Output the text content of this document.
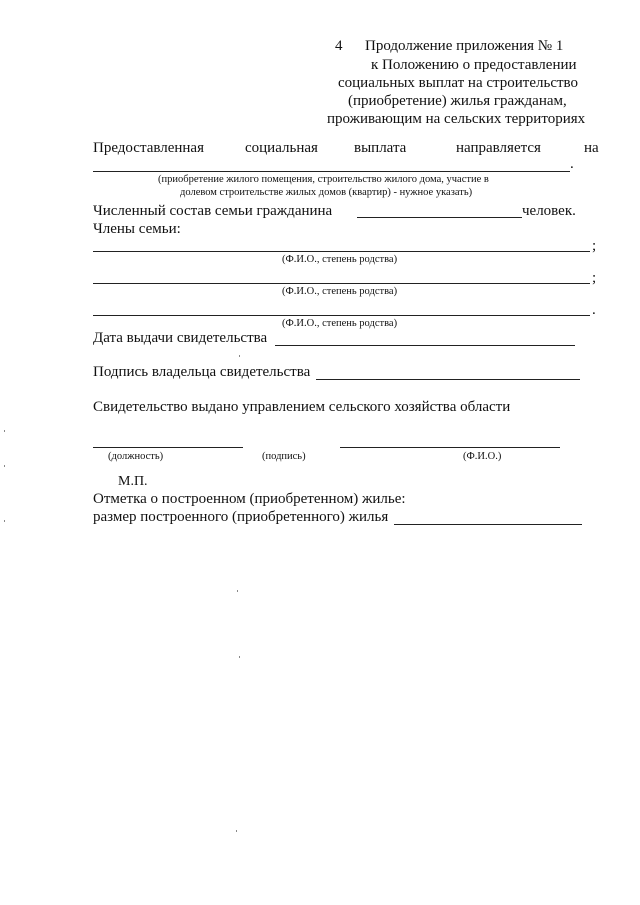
4 Продолжение приложения № 1
к Положению о предоставлении
социальных выплат на строительство
(приобретение) жилья гражданам,
проживающим на сельских территориях
Предоставленная	социальная выплата	направляется	на
.
(приобретение жилого помещения, строительство жилого дома, участие в
долевом строительстве жилых домов (квартир) - нужное указать)
Численный состав семьи гражданина	человек.
Члены семьи:
;
(Ф.И.О., степень родства)
;
(Ф.И.О., степень родства)
.
(Ф.И.О., степень родства)
Дата выдачи свидетельства
Подпись владельца свидетельства
Свидетельство выдано управлением сельского хозяйства области
(должность)	(подпись)	(Ф.И.О.)
М.П.
Отметка о построенном (приобретенном) жилье:
размер построенного (приобретенного) жилья
